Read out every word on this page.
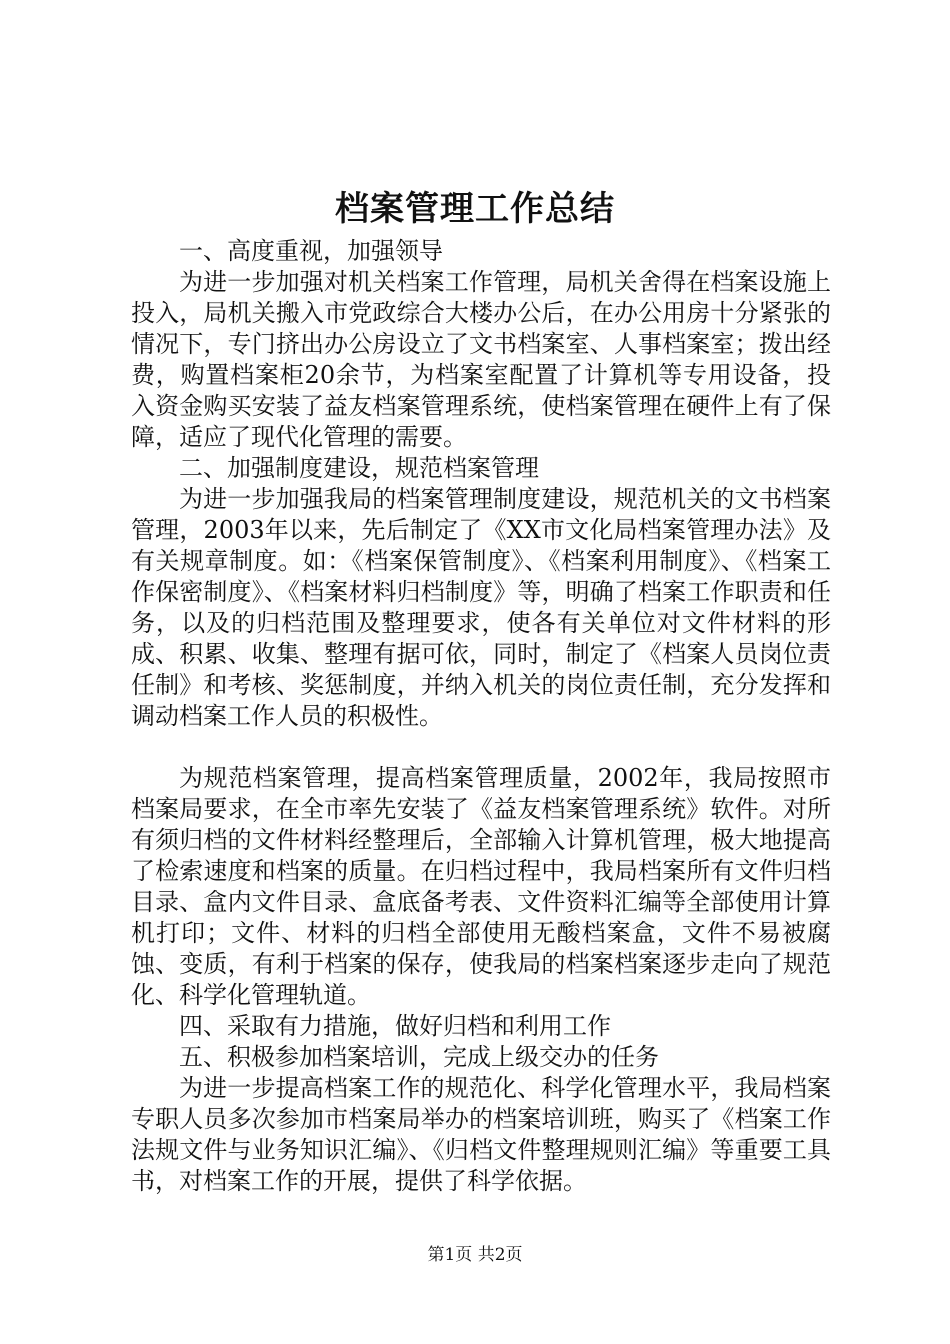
档案管理工作总结

一、高度重视，加强领导

为进一步加强对机关档案工作管理，局机关舍得在档案设施上投入，局机关搬入市党政综合大楼办公后，在办公用房十分紧张的情况下，专门挤出办公房设立了文书档案室、人事档案室；拨出经费，购置档案柜20余节，为档案室配置了计算机等专用设备，投入资金购买安装了益友档案管理系统，使档案管理在硬件上有了保障，适应了现代化管理的需要。

二、加强制度建设，规范档案管理

为进一步加强我局的档案管理制度建设，规范机关的文书档案管理，2003年以来，先后制定了《XX市文化局档案管理办法》及有关规章制度。如：《档案保管制度》、《档案利用制度》、《档案工作保密制度》、《档案材料归档制度》等，明确了档案工作职责和任务，以及的归档范围及整理要求，使各有关单位对文件材料的形成、积累、收集、整理有据可依，同时，制定了《档案人员岗位责任制》和考核、奖惩制度，并纳入机关的岗位责任制，充分发挥和调动档案工作人员的积极性。

为规范档案管理，提高档案管理质量，2002年，我局按照市档案局要求，在全市率先安装了《益友档案管理系统》软件。对所有须归档的文件材料经整理后，全部输入计算机管理，极大地提高了检索速度和档案的质量。在归档过程中，我局档案所有文件归档目录、盒内文件目录、盒底备考表、文件资料汇编等全部使用计算机打印；文件、材料的归档全部使用无酸档案盒，文件不易被腐蚀、变质，有利于档案的保存，使我局的档案档案逐步走向了规范化、科学化管理轨道。

四、采取有力措施，做好归档和利用工作

五、积极参加档案培训，完成上级交办的任务

为进一步提高档案工作的规范化、科学化管理水平，我局档案专职人员多次参加市档案局举办的档案培训班，购买了《档案工作法规文件与业务知识汇编》、《归档文件整理规则汇编》等重要工具书，对档案工作的开展，提供了科学依据。

第1页 共2页
